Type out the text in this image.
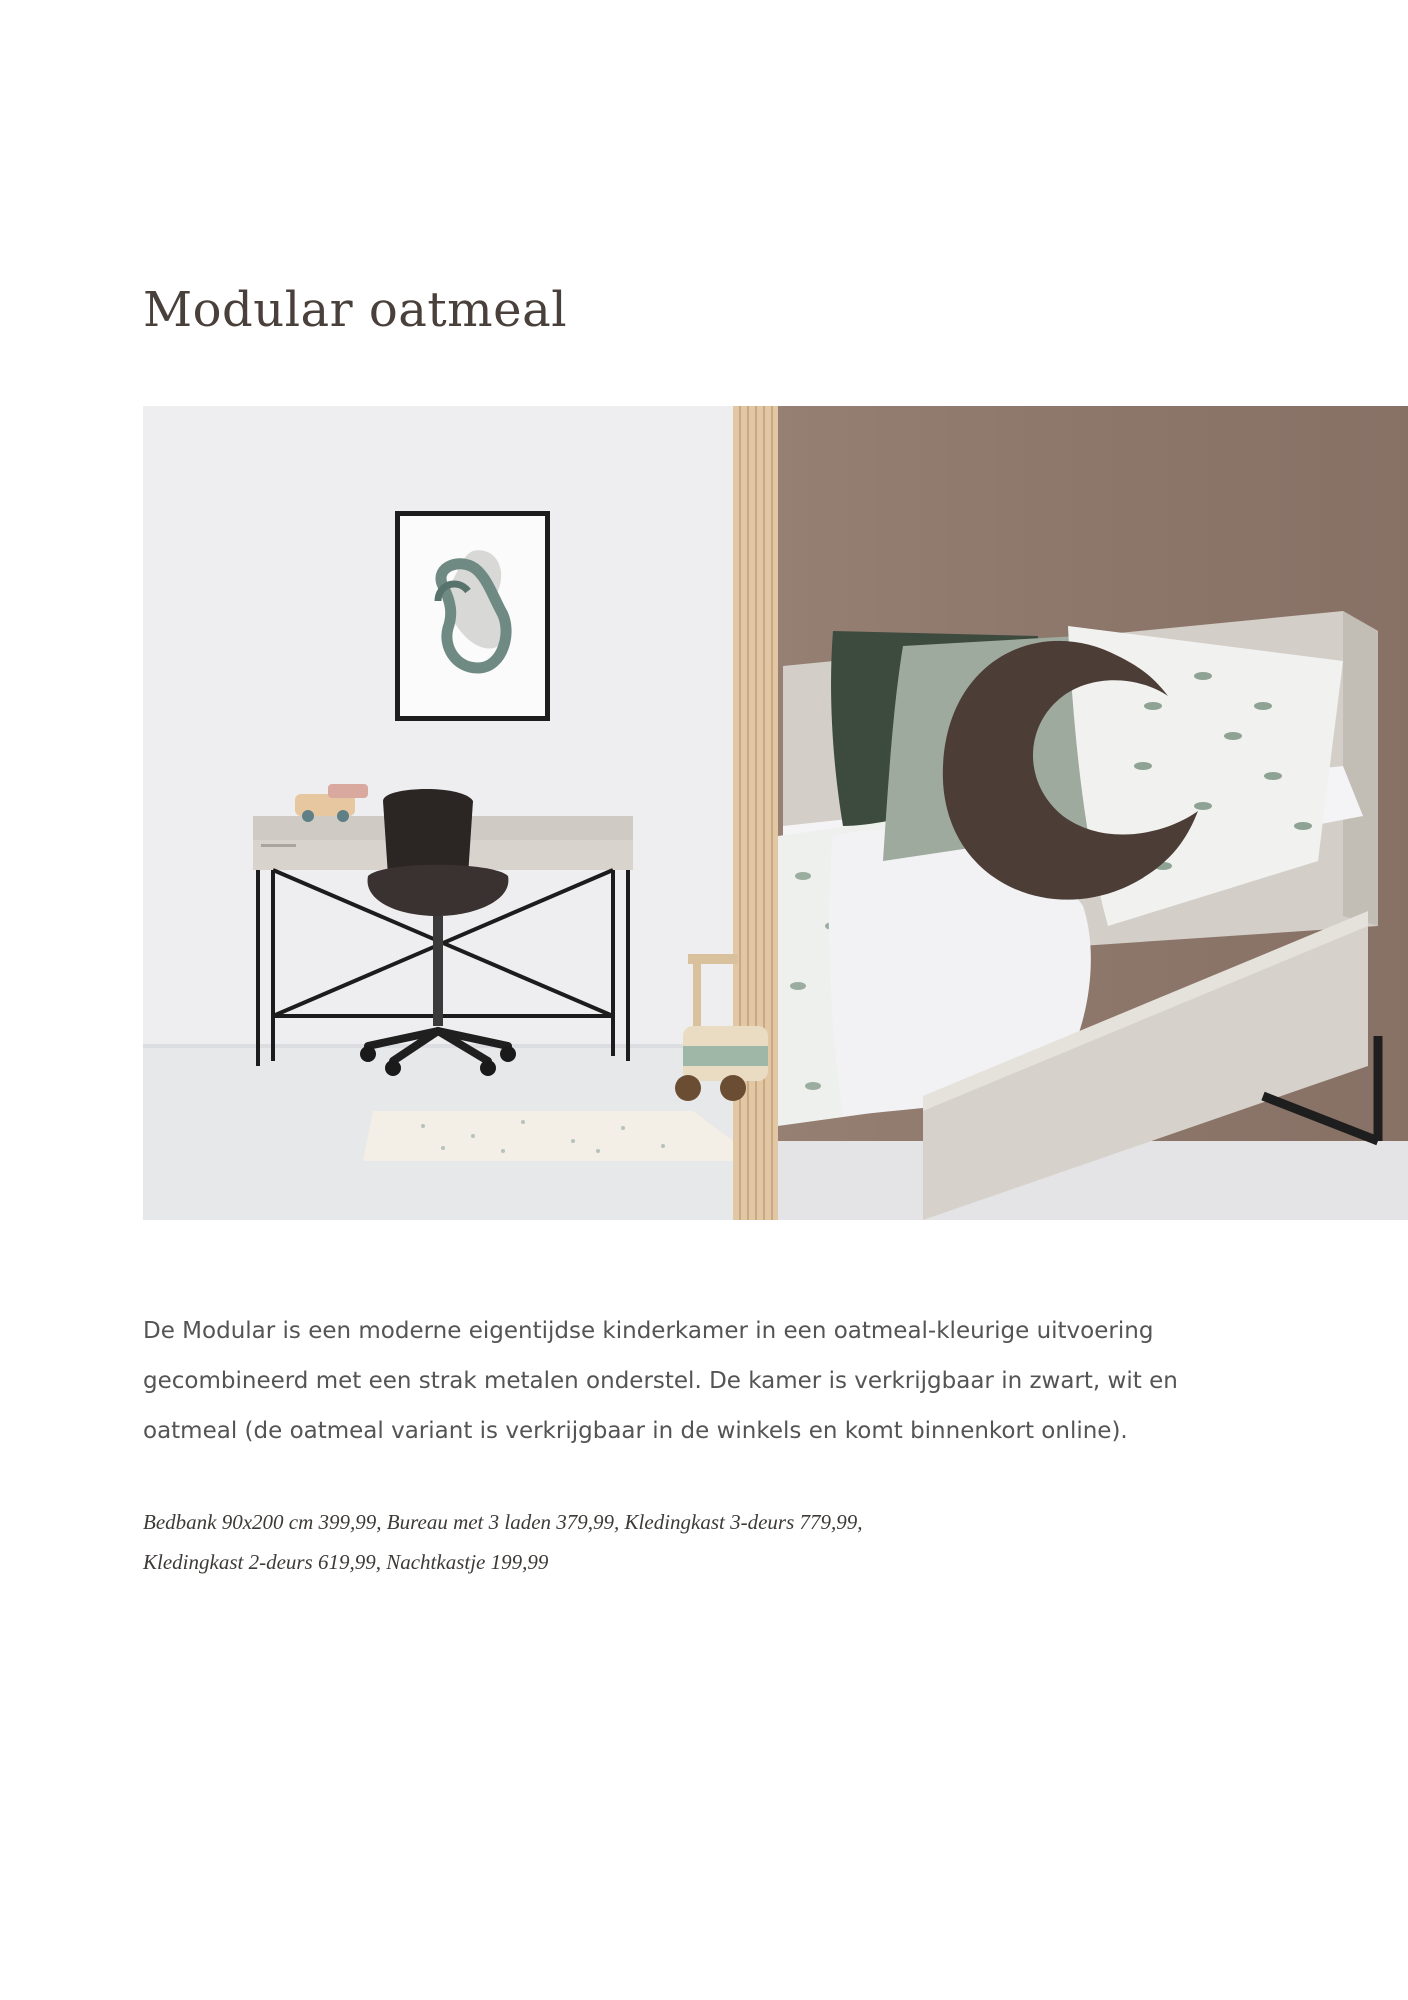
Modular oatmeal

De Modular is een moderne eigentijdse kinderkamer in een oatmeal-kleurige uitvoering
gecombineerd met een strak metalen onderstel. De kamer is verkrijgbaar in zwart, wit en
oatmeal (de oatmeal variant is verkrijgbaar in de winkels en komt binnenkort online).

Bedbank 90x200 cm 399,99, Bureau met 3 laden 379,99, Kledingkast 3-deurs 779,99,
Kledingkast 2-deurs 619,99, Nachtkastje 199,99
